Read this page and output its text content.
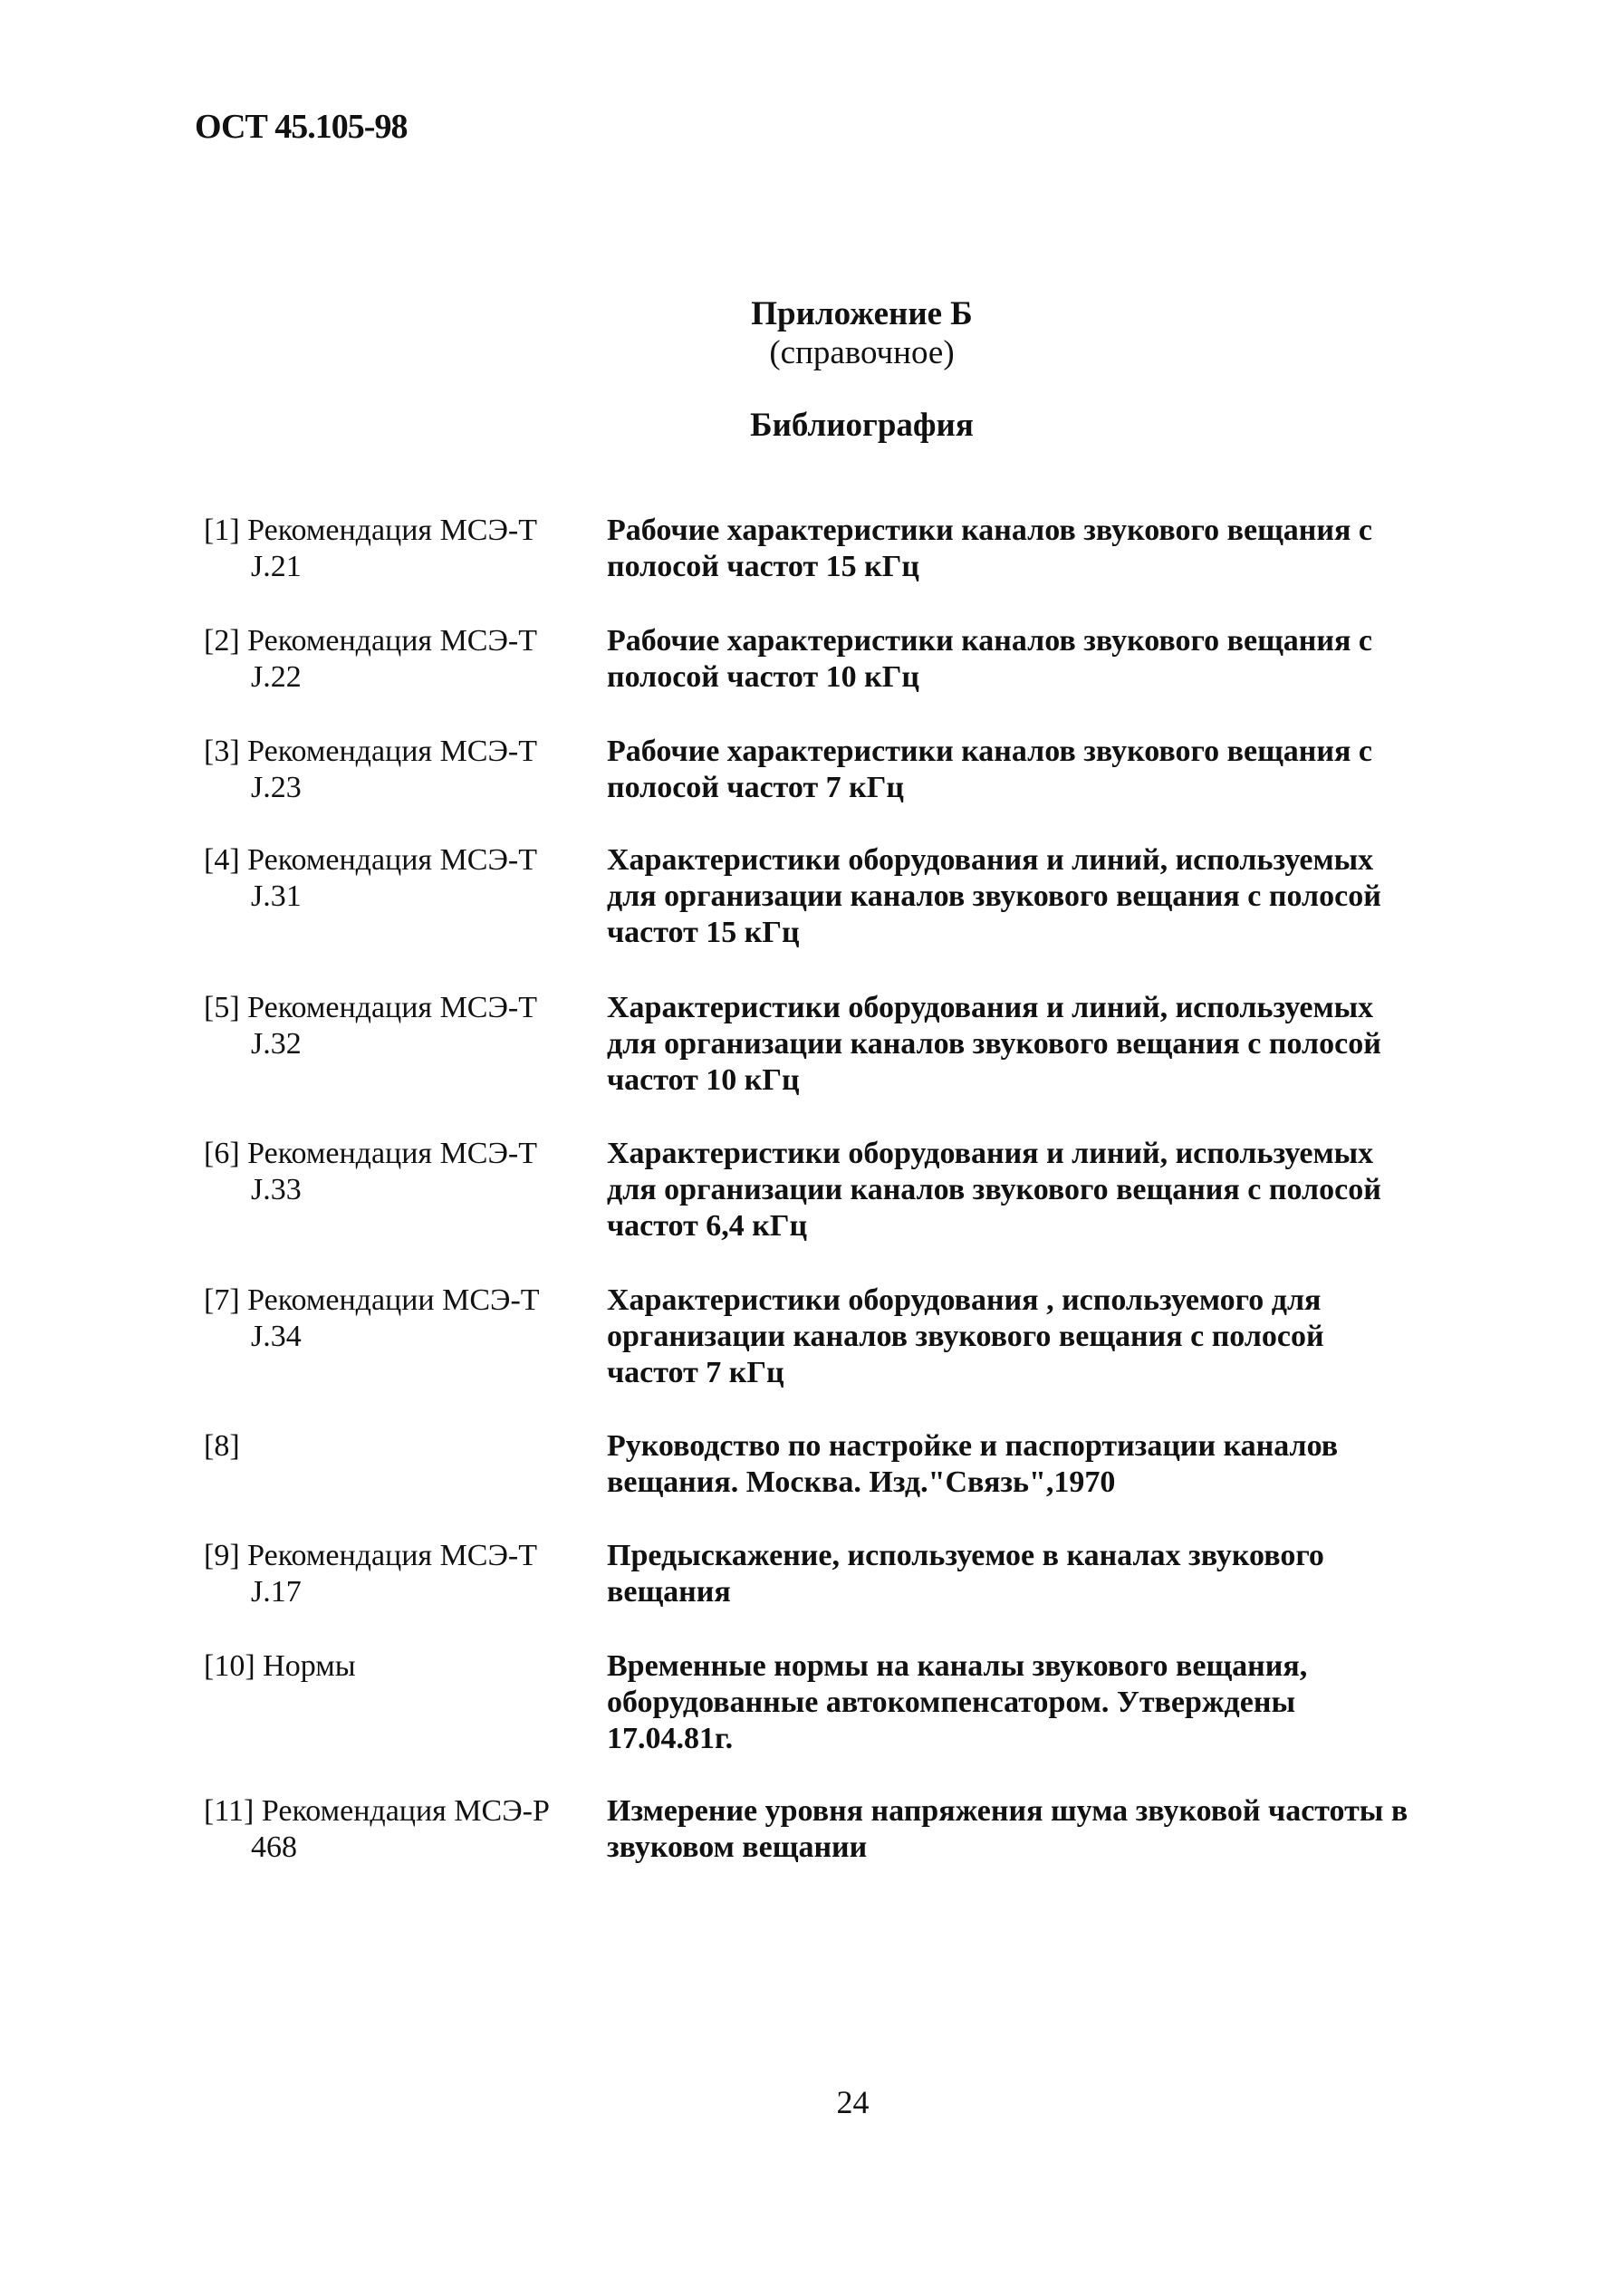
ОСТ 45.105-98
Приложение Б
(справочное)
Библиография
[1] Рекомендация МСЭ-Т
J.21
Рабочие характеристики каналов звукового вещания с полосой частот 15 кГц
[2] Рекомендация МСЭ-Т
J.22
Рабочие характеристики каналов звукового вещания с полосой частот 10 кГц
[3] Рекомендация МСЭ-Т
J.23
Рабочие характеристики каналов звукового вещания с полосой частот 7 кГц
[4] Рекомендация МСЭ-Т
J.31
Характеристики оборудования и линий, используемых для организации каналов звукового вещания с полосой частот 15 кГц
[5] Рекомендация МСЭ-Т
J.32
Характеристики оборудования и линий, используемых для организации каналов звукового вещания с полосой частот 10 кГц
[6] Рекомендация МСЭ-Т
J.33
Характеристики оборудования и линий, используемых для организации каналов звукового вещания с полосой частот 6,4 кГц
[7] Рекомендации МСЭ-Т
J.34
Характеристики оборудования , используемого для организации каналов звукового вещания с полосой частот 7 кГц
[8]	Руководство по настройке и паспортизации каналов вещания. Москва. Изд."Связь",1970
[9] Рекомендация МСЭ-Т
J.17
Предыскажение, используемое в каналах звукового вещания
[10] Нормы	Временные нормы на каналы звукового вещания, оборудованные автокомпенсатором. Утверждены 17.04.81г.
[11] Рекомендация МСЭ-Р
468
Измерение уровня напряжения шума звуковой частоты в звуковом вещании
24
